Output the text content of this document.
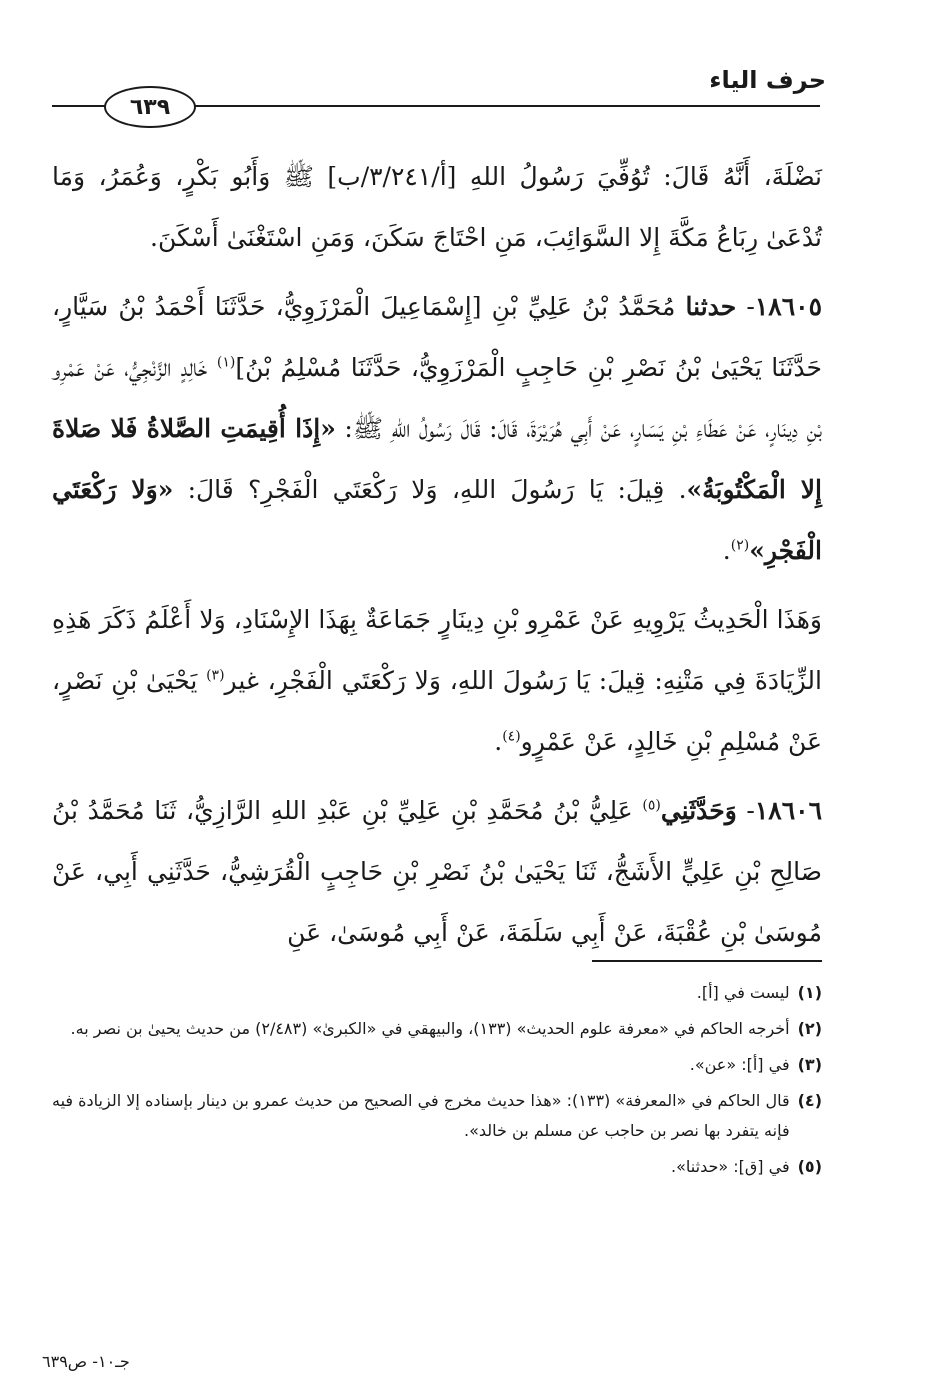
حرف الياء
٦٣٩

نَضْلَةَ، أَنَّهُ قَالَ: تُوُفِّيَ رَسُولُ اللهِ [أ/٣/٢٤١/ب] ﷺ وَأَبُو بَكْرٍ، وَعُمَرُ، وَمَا تُدْعَىٰ رِبَاعُ مَكَّةَ إِلا السَّوَائِبَ، مَنِ احْتَاجَ سَكَنَ، وَمَنِ اسْتَغْنَىٰ أَسْكَنَ.

١٨٦٠٥- حدثنا مُحَمَّدُ بْنُ عَلِيِّ بْنِ [إِسْمَاعِيلَ الْمَرْزَوِيُّ، حَدَّثَنَا أَحْمَدُ بْنُ سَيَّارٍ، حَدَّثَنَا يَحْيَىٰ بْنُ نَصْرِ بْنِ حَاجِبٍ الْمَرْزَوِيُّ، حَدَّثَنَا مُسْلِمُ بْنُ]$^{(١)}$ خَالِدٍ الزَّنْجِيُّ، عَنْ عَمْرِو بْنِ دِينَارٍ، عَنْ عَطَاءِ بْنِ يَسَارٍ، عَنْ أَبِي هُرَيْرَةَ، قَالَ: قَالَ رَسُولُ اللهِ ﷺ: «إِذَا أُقِيمَتِ الصَّلاةُ فَلا صَلاةَ إِلا الْمَكْتُوبَةُ». قِيلَ: يَا رَسُولَ اللهِ، وَلا رَكْعَتَي الْفَجْرِ؟ قَالَ: «وَلا رَكْعَتَي الْفَجْرِ»$^{(٢)}$.

وَهَذَا الْحَدِيثُ يَرْوِيهِ عَنْ عَمْرِو بْنِ دِينَارٍ جَمَاعَةٌ بِهَذَا الإِسْنَادِ، وَلا أَعْلَمُ ذَكَرَ هَذِهِ الزِّيَادَةَ فِي مَتْنِهِ: قِيلَ: يَا رَسُولَ اللهِ، وَلا رَكْعَتَي الْفَجْرِ، غير$^{(٣)}$ يَحْيَىٰ بْنِ نَصْرٍ، عَنْ مُسْلِمِ بْنِ خَالِدٍ، عَنْ عَمْرٍو$^{(٤)}$.

١٨٦٠٦- وَحَدَّثَنِي$^{(٥)}$ عَلِيُّ بْنُ مُحَمَّدِ بْنِ عَلِيِّ بْنِ عَبْدِ اللهِ الرَّازِيُّ، ثَنَا مُحَمَّدُ بْنُ صَالِحِ بْنِ عَلِيٍّ الأَشَجُّ، ثَنَا يَحْيَىٰ بْنُ نَصْرِ بْنِ حَاجِبٍ الْقُرَشِيُّ، حَدَّثَنِي أَبِي، عَنْ مُوسَىٰ بْنِ عُقْبَةَ، عَنْ أَبِي سَلَمَةَ، عَنْ أَبِي مُوسَىٰ، عَنِ

(١)
ليست في [أ].
(٢)
أخرجه الحاكم في «معرفة علوم الحديث» (١٣٣)، والبيهقي في «الكبرىٰ» (٢/٤٨٣) من حديث يحيىٰ بن نصر به.
(٣)
في [أ]: «عن».
(٤)
قال الحاكم في «المعرفة» (١٣٣): «هذا حديث مخرج في الصحيح من حديث عمرو بن دينار بإسناده إلا الزيادة فيه فإنه يتفرد بها نصر بن حاجب عن مسلم بن خالد».
(٥)
في [ق]: «حدثنا».
جـ١٠- ص٦٣٩
